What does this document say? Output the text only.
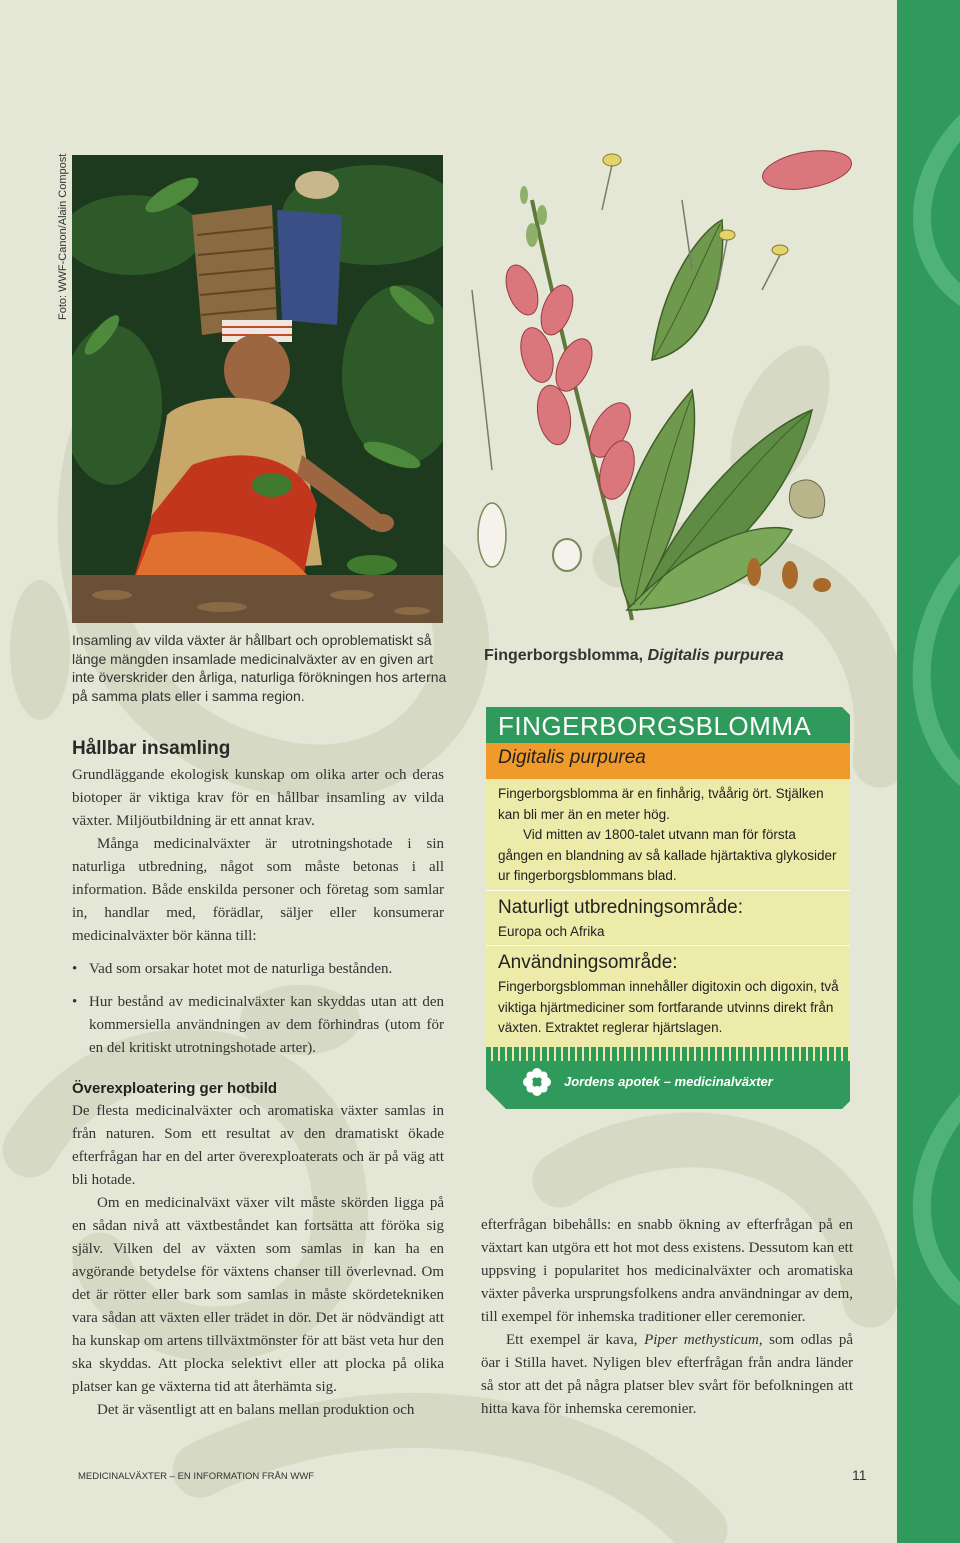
Foto: WWF-Canon/Alain Compost
Insamling av vilda växter är hållbart och oproblematiskt så länge mängden insamlade medicinalväxter av en given art inte överskrider den årliga, naturliga förökningen hos arterna på samma plats eller i samma region.
Fingerborgsblomma, Digitalis purpurea
Hållbar insamling

Grundläggande ekologisk kunskap om olika arter och deras biotoper är viktiga krav för en hållbar insamling av vilda växter. Miljöutbildning är ett annat krav.

Många medicinalväxter är utrotningshotade i sin naturliga utbredning, något som måste betonas i all information. Både enskilda personer och företag som samlar in, handlar med, förädlar, säljer eller konsumerar medicinalväxter bör känna till:

• Vad som orsakar hotet mot de naturliga bestånden.
• Hur bestånd av medicinalväxter kan skyddas utan att den kommersiella användningen av dem förhindras (utom för en del kritiskt utrotningshotade arter).
Överexploatering ger hotbild

De flesta medicinalväxter och aromatiska växter samlas in från naturen. Som ett resultat av den dramatiskt ökade efterfrågan har en del arter överexploaterats och är på väg att bli hotade.

Om en medicinalväxt växer vilt måste skörden ligga på en sådan nivå att växtbeståndet kan fortsätta att föröka sig själv. Vilken del av växten som samlas in kan ha en avgörande betydelse för växtens chanser till överlevnad. Om det är rötter eller bark som samlas in måste skördetekniken vara sådan att växten eller trädet in dör. Det är nödvändigt att ha kunskap om artens tillväxtmönster för att bäst veta hur den ska skyddas. Att plocka selektivt eller att plocka på olika platser kan ge växterna tid att återhämta sig.

Det är väsentligt att en balans mellan produktion och

efterfrågan bibehålls: en snabb ökning av efterfrågan på en växtart kan utgöra ett hot mot dess existens. Dessutom kan ett uppsving i popularitet hos medicinalväxter och aromatiska växter påverka ursprungsfolkens andra användningar av dem, till exempel för inhemska traditioner eller ceremonier.

Ett exempel är kava, Piper methysticum, som odlas på öar i Stilla havet. Nyligen blev efterfrågan från andra länder så stor att det på några platser blev svårt för befolkningen att hitta kava för inhemska ceremonier.

FINGERBORGSBLOMMA
Digitalis purpurea
Fingerborgsblomma är en finhårig, tvåårig ört. Stjälken kan bli mer än en meter hög.
Vid mitten av 1800-talet utvann man för första gången en blandning av så kallade hjärtaktiva glykosider ur fingerborgsblommans blad.
Naturligt utbredningsområde:
Europa och Afrika
Användningsområde:
Fingerborgsblomman innehåller digitoxin och digoxin, två viktiga hjärtmediciner som fortfarande utvinns direkt från växten. Extraktet reglerar hjärtslagen.
Jordens apotek – medicinalväxter
MEDICINALVÄXTER – EN INFORMATION FRÅN WWF	11
